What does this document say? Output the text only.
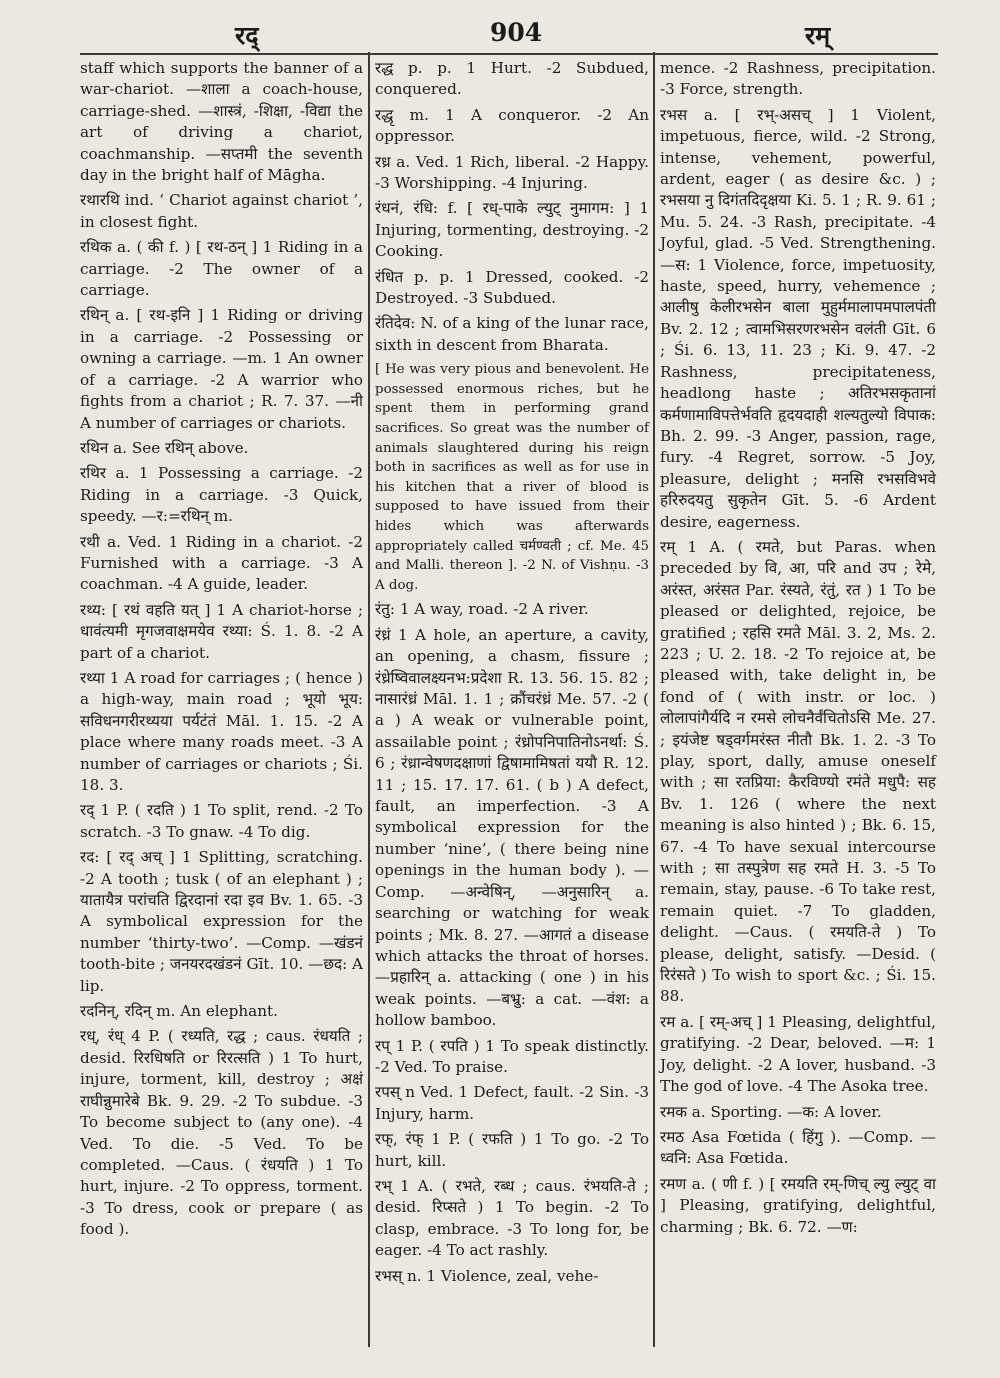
रद्	904	रम्

staff which supports the banner of a war-chariot. —शाला a coach-house, carriage-shed. —शास्त्रं, -शिक्षा, -विद्या the art of driving a chariot, coachmanship. —सप्तमी the seventh day in the bright half of Māgha.

रथारथि ind. ‘ Chariot against chariot ’, in closest fight.

रथिक a. ( की f. ) [ रथ-ठन् ] 1 Riding in a carriage. -2 The owner of a carriage.

रथिन् a. [ रथ-इनि ] 1 Riding or driving in a carriage. -2 Possessing or owning a carriage. —m. 1 An owner of a carriage. -2 A warrior who fights from a chariot ; R. 7. 37. —नी A number of carriages or chariots.

रथिन a. See रथिन् above.

रथिर a. 1 Possessing a carriage. -2 Riding in a carriage. -3 Quick, speedy. —र:=रथिन् m.

रथी a. Ved. 1 Riding in a chariot. -2 Furnished with a carriage. -3 A coachman. -4 A guide, leader.

रथ्य: [ रथं वहति यत् ] 1 A chariot-horse ; धावंत्यमी मृगजवाक्षमयेव रथ्या: Ś. 1. 8. -2 A part of a chariot.

रथ्या 1 A road for carriages ; ( hence ) a high-way, main road ; भूयो भूय: सविधनगरीरथ्यया पर्यटंतं Māl. 1. 15. -2 A place where many roads meet. -3 A number of carriages or chariots ; Śi. 18. 3.

रद् 1 P. ( रदति ) 1 To split, rend. -2 To scratch. -3 To gnaw. -4 To dig.

रद: [ रद् अच् ] 1 Splitting, scratching. -2 A tooth ; tusk ( of an elephant ) ; यातायैत्र परांचति द्विरदानां रदा इव Bv. 1. 65. -3 A symbolical expression for the number ‘thirty-two’. —Comp. —खंडनं tooth-bite ; जनयरदखंडनं Gīt. 10. —छद: A lip.

रदनिन्, रदिन् m. An elephant.

रध्, रंध् 4 P. ( रध्यति, रद्ध ; caus. रंधयति ; desid. रिरधिषति or रिरत्सति ) 1 To hurt, injure, torment, kill, destroy ; अक्षं राघीन्नुमारेबे Bk. 9. 29. -2 To subdue. -3 To become subject to (any one). -4 Ved. To die. -5 Ved. To be completed. —Caus. ( रंधयति ) 1 To hurt, injure. -2 To oppress, torment. -3 To dress, cook or prepare ( as food ).

रद्ध p. p. 1 Hurt. -2 Subdued, conquered.

रद्धृ m. 1 A conqueror. -2 An oppressor.

रध्र a. Ved. 1 Rich, liberal. -2 Happy. -3 Worshipping. -4 Injuring.

रंधनं, रंधि: f. [ रध्-पाके ल्युट् नुमागम: ] 1 Injuring, tormenting, destroying. -2 Cooking.

रंधित p. p. 1 Dressed, cooked. -2 Destroyed. -3 Subdued.

रंतिदेव: N. of a king of the lunar race, sixth in descent from Bharata.

[ He was very pious and benevolent. He possessed enormous riches, but he spent them in performing grand sacrifices. So great was the number of animals slaughtered during his reign both in sacrifices as well as for use in his kitchen that a river of blood is supposed to have issued from their hides which was afterwards appropriately called चर्मण्वती ; cf. Me. 45 and Malli. thereon ]. -2 N. of Vishṇu. -3 A dog.

रंतु: 1 A way, road. -2 A river.

रंध्रं 1 A hole, an aperture, a cavity, an opening, a chasm, fissure ; रंध्रेष्विवालक्ष्यनभ:प्रदेशा R. 13. 56. 15. 82 ; नासारंध्रं Māl. 1. 1 ; क्रौंचरंध्रं Me. 57. -2 ( a ) A weak or vulnerable point, assailable point ; रंध्रोपनिपातिनोऽनर्था: Ś. 6 ; रंध्रान्वेषणदक्षाणां द्विषामामिषतां ययौ R. 12. 11 ; 15. 17. 17. 61. ( b ) A defect, fault, an imperfection. -3 A symbolical expression for the number ‘nine’, ( there being nine openings in the human body ). —Comp. —अन्वेषिन्, —अनुसारिन् a. searching or watching for weak points ; Mk. 8. 27. —आगतं a disease which attacks the throat of horses. —प्रहारिन् a. attacking ( one ) in his weak points. —बभ्रु: a cat. —वंश: a hollow bamboo.

रप् 1 P. ( रपति ) 1 To speak distinctly. -2 Ved. To praise.

रपस् n Ved. 1 Defect, fault. -2 Sin. -3 Injury, harm.

रफ्, रंफ् 1 P. ( रफति ) 1 To go. -2 To hurt, kill.

रभ् 1 A. ( रभते, रब्ध ; caus. रंभयति-ते ; desid. रिप्सते ) 1 To begin. -2 To clasp, embrace. -3 To long for, be eager. -4 To act rashly.

रभस् n. 1 Violence, zeal, vehe-

mence. -2 Rashness, precipitation. -3 Force, strength.

रभस a. [ रभ्-असच् ] 1 Violent, impetuous, fierce, wild. -2 Strong, intense, vehement, powerful, ardent, eager ( as desire &c. ) ; रभसया नु दिगंतदिदृक्षया Ki. 5. 1 ; R. 9. 61 ; Mu. 5. 24. -3 Rash, precipitate. -4 Joyful, glad. -5 Ved. Strengthening. —स: 1 Violence, force, impetuosity, haste, speed, hurry, vehemence ; आलीषु केलीरभसेन बाला मुहुर्ममालापमपालपंती Bv. 2. 12 ; त्वामभिसरणरभसेन वलंती Gīt. 6 ; Śi. 6. 13, 11. 23 ; Ki. 9. 47. -2 Rashness, precipitateness, headlong haste ; अतिरभसकृतानां कर्मणामाविपत्तेर्भवति हृदयदाही शल्यतुल्यो विपाक: Bh. 2. 99. -3 Anger, passion, rage, fury. -4 Regret, sorrow. -5 Joy, pleasure, delight ; मनसि रभसविभवे हरिरुदयतु सुकृतेन Gīt. 5. -6 Ardent desire, eagerness.

रम् 1 A. ( रमते, but Paras. when preceded by वि, आ, परि and उप ; रेमे, अरंस्त, अरंसत Par. रंस्यते, रंतुं, रत ) 1 To be pleased or delighted, rejoice, be gratified ; रहसि रमते Māl. 3. 2, Ms. 2. 223 ; U. 2. 18. -2 To rejoice at, be pleased with, take delight in, be fond of ( with instr. or loc. ) लोलापांगैर्यदि न रमसे लोचनैर्वंचितोऽसि Me. 27. ; इयंजेष्ट षड्वर्गमरंस्त नीतौ Bk. 1. 2. -3 To play, sport, dally, amuse oneself with ; सा रतप्रिया: कैरविण्यो रमंते मधुपै: सह Bv. 1. 126 ( where the next meaning is also hinted ) ; Bk. 6. 15, 67. -4 To have sexual intercourse with ; सा तस्पुत्रेण सह रमते H. 3. -5 To remain, stay, pause. -6 To take rest, remain quiet. -7 To gladden, delight. —Caus. ( रमयति-ते ) To please, delight, satisfy. —Desid. ( रिरंसते ) To wish to sport &c. ; Śi. 15. 88.

रम a. [ रम्-अच् ] 1 Pleasing, delightful, gratifying. -2 Dear, beloved. —म: 1 Joy, delight. -2 A lover, husband. -3 The god of love. -4 The Asoka tree.

रमक a. Sporting. —क: A lover.

रमठ Asa Fœtida ( हिंगु ). —Comp. —ध्वनि: Asa Fœtida.

रमण a. ( णी f. ) [ रमयति रम्-णिच् ल्यु ल्युट् वा ] Pleasing, gratifying, delightful, charming ; Bk. 6. 72. —ण:
